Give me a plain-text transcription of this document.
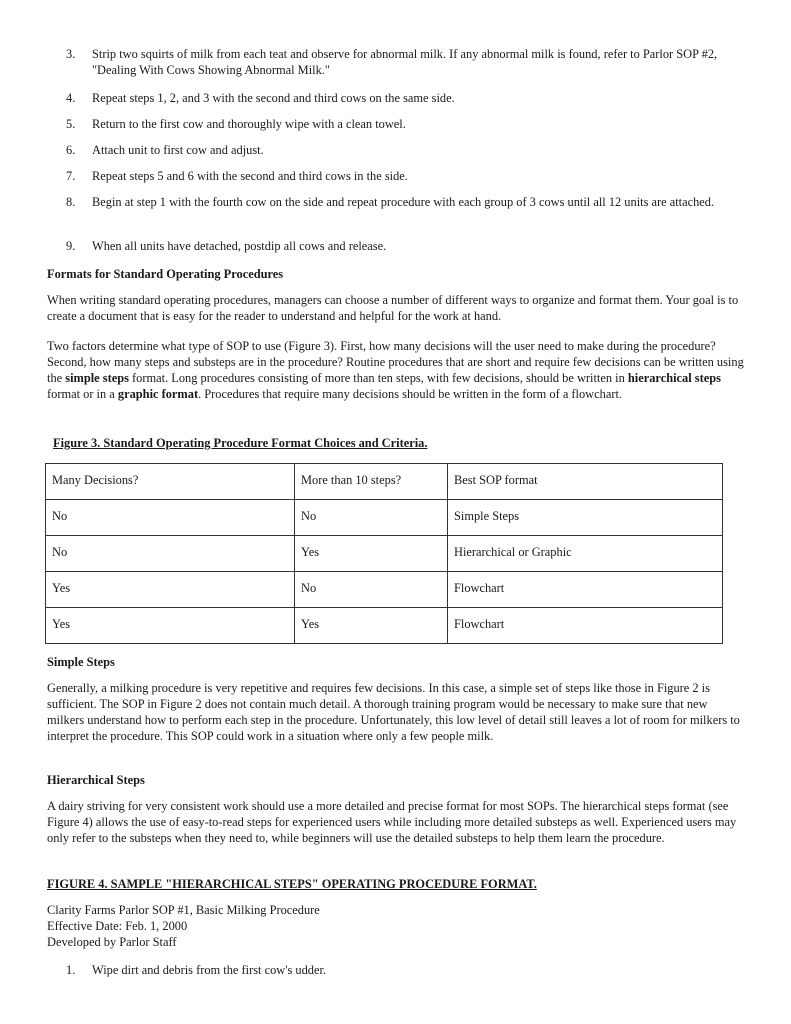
3.	Strip two squirts of milk from each teat and observe for abnormal milk. If any abnormal milk is found, refer to Parlor SOP #2, "Dealing With Cows Showing Abnormal Milk."
4.	Repeat steps 1, 2, and 3 with the second and third cows on the same side.
5.	Return to the first cow and thoroughly wipe with a clean towel.
6.	Attach unit to first cow and adjust.
7.	Repeat steps 5 and 6 with the second and third cows in the side.
8.	Begin at step 1 with the fourth cow on the side and repeat procedure with each group of 3 cows until all 12 units are attached.
9.	When all units have detached, postdip all cows and release.
Formats for Standard Operating Procedures
When writing standard operating procedures, managers can choose a number of different ways to organize and format them. Your goal is to create a document that is easy for the reader to understand and helpful for the work at hand.
Two factors determine what type of SOP to use (Figure 3). First, how many decisions will the user need to make during the procedure? Second, how many steps and substeps are in the procedure? Routine procedures that are short and require few decisions can be written using the simple steps format. Long procedures consisting of more than ten steps, with few decisions, should be written in hierarchical steps format or in a graphic format. Procedures that require many decisions should be written in the form of a flowchart.
Figure 3. Standard Operating Procedure Format Choices and Criteria.
Many Decisions?	More than 10 steps?	Best SOP format
No	No	Simple Steps
No	Yes	Hierarchical or Graphic
Yes	No	Flowchart
Yes	Yes	Flowchart
Simple Steps
Generally, a milking procedure is very repetitive and requires few decisions. In this case, a simple set of steps like those in Figure 2 is sufficient. The SOP in Figure 2 does not contain much detail. A thorough training program would be necessary to make sure that new milkers understand how to perform each step in the procedure. Unfortunately, this low level of detail still leaves a lot of room for milkers to interpret the procedure. This SOP could work in a situation where only a few people milk.
Hierarchical Steps
A dairy striving for very consistent work should use a more detailed and precise format for most SOPs. The hierarchical steps format (see Figure 4) allows the use of easy-to-read steps for experienced users while including more detailed substeps as well. Experienced users may only refer to the substeps when they need to, while beginners will use the detailed substeps to help them learn the procedure.
FIGURE 4. SAMPLE "HIERARCHICAL STEPS" OPERATING PROCEDURE FORMAT.
Clarity Farms Parlor SOP #1, Basic Milking Procedure
Effective Date: Feb. 1, 2000
Developed by Parlor Staff
1.	Wipe dirt and debris from the first cow's udder.
